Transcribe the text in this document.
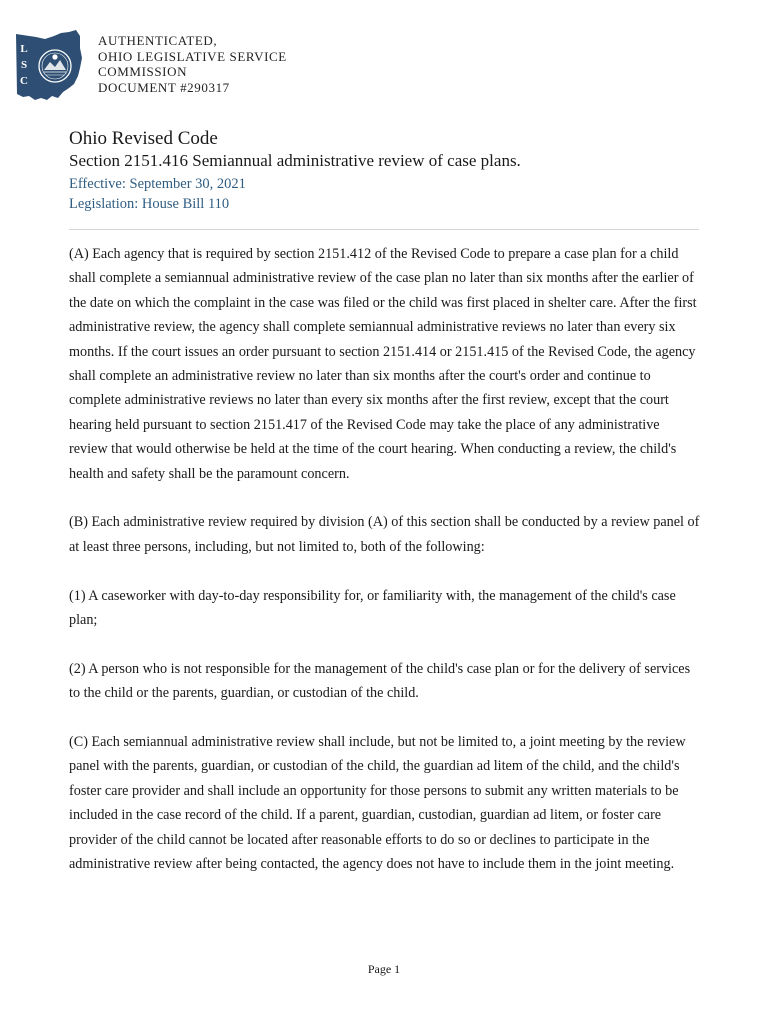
L
S
C
AUTHENTICATED,
OHIO LEGISLATIVE SERVICE
COMMISSION
DOCUMENT #290317
Ohio Revised Code
Section 2151.416 Semiannual administrative review of case plans.
Effective: September 30, 2021
Legislation: House Bill 110

(A) Each agency that is required by section 2151.412 of the Revised Code to prepare a case plan for a child shall complete a semiannual administrative review of the case plan no later than six months after the earlier of the date on which the complaint in the case was filed or the child was first placed in shelter care. After the first administrative review, the agency shall complete semiannual administrative reviews no later than every six months. If the court issues an order pursuant to section 2151.414 or 2151.415 of the Revised Code, the agency shall complete an administrative review no later than six months after the court's order and continue to complete administrative reviews no later than every six months after the first review, except that the court hearing held pursuant to section 2151.417 of the Revised Code may take the place of any administrative review that would otherwise be held at the time of the court hearing. When conducting a review, the child's health and safety shall be the paramount concern.

(B) Each administrative review required by division (A) of this section shall be conducted by a review panel of at least three persons, including, but not limited to, both of the following:

(1) A caseworker with day-to-day responsibility for, or familiarity with, the management of the child's case plan;

(2) A person who is not responsible for the management of the child's case plan or for the delivery of services to the child or the parents, guardian, or custodian of the child.

(C) Each semiannual administrative review shall include, but not be limited to, a joint meeting by the review panel with the parents, guardian, or custodian of the child, the guardian ad litem of the child, and the child's foster care provider and shall include an opportunity for those persons to submit any written materials to be included in the case record of the child. If a parent, guardian, custodian, guardian ad litem, or foster care provider of the child cannot be located after reasonable efforts to do so or declines to participate in the administrative review after being contacted, the agency does not have to include them in the joint meeting.

Page 1
